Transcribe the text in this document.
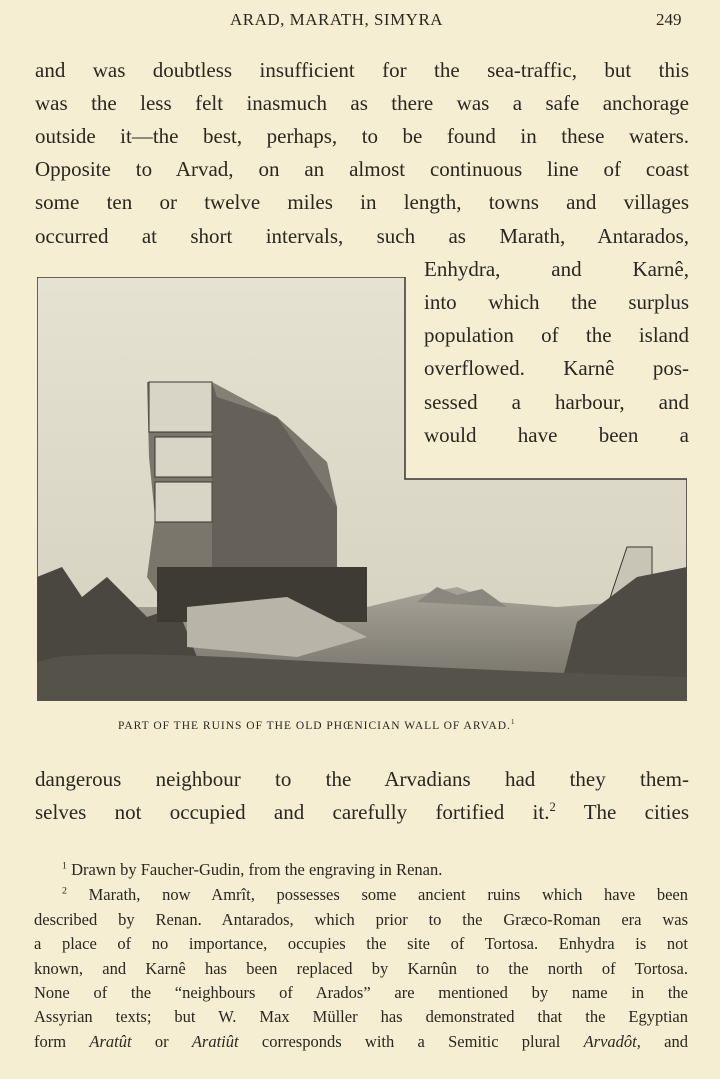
ARAD, MARATH, SIMYRA	249
and was doubtless insufficient for the sea-traffic, but this
was the less felt inasmuch as there was a safe anchorage
outside it—the best, perhaps, to be found in these waters.
Opposite to Arvad, on an almost continuous line of coast
some ten or twelve miles in length, towns and villages
occurred at short intervals, such as Marath, Antarados,
Enhydra, and Karnê,
into which the surplus
population of the island
overflowed. Karnê pos-
sessed a harbour, and
would have been a
PART OF THE RUINS OF THE OLD PHŒNICIAN WALL OF ARVAD.$^1$
dangerous neighbour to the Arvadians had they them-
selves not occupied and carefully fortified it.$^2$ The cities
$^1$ Drawn by Faucher-Gudin, from the engraving in Renan.
$^2$ Marath, now Amrît, possesses some ancient ruins which have been
described by Renan. Antarados, which prior to the Græco-Roman era was
a place of no importance, occupies the site of Tortosa. Enhydra is not
known, and Karnê has been replaced by Karnûn to the north of Tortosa.
None of the “neighbours of Arados” are mentioned by name in the
Assyrian texts; but W. Max Müller has demonstrated that the Egyptian
form Aratût or Aratiût corresponds with a Semitic plural Arvadôt, and
